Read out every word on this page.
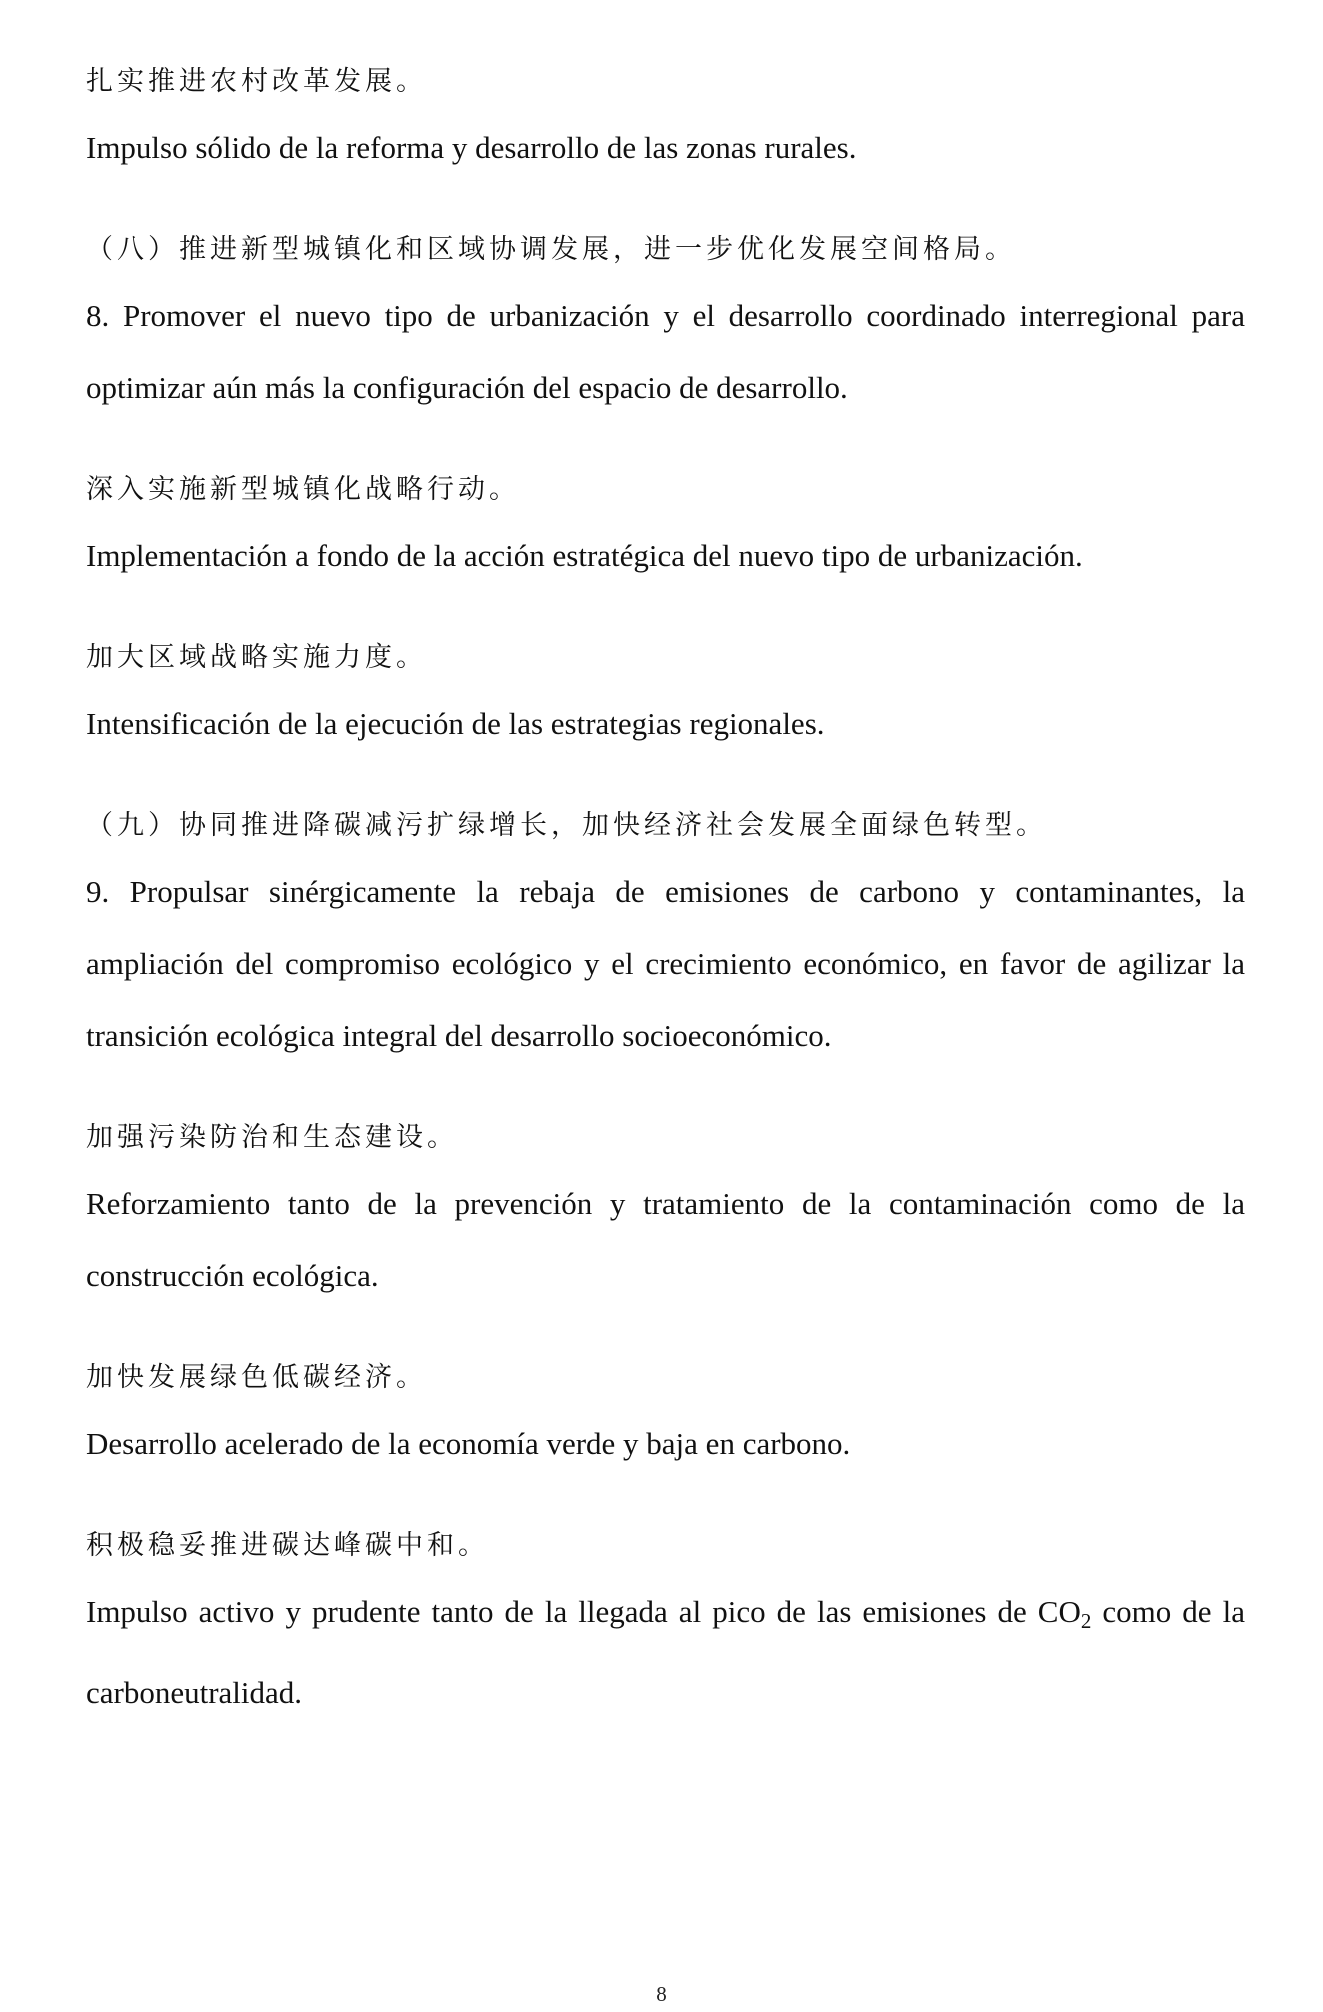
扎实推进农村改革发展。

Impulso sólido de la reforma y desarrollo de las zonas rurales.

（八）推进新型城镇化和区域协调发展，进一步优化发展空间格局。

8. Promover el nuevo tipo de urbanización y el desarrollo coordinado interregional para optimizar aún más la configuración del espacio de desarrollo.

深入实施新型城镇化战略行动。

Implementación a fondo de la acción estratégica del nuevo tipo de urbanización.

加大区域战略实施力度。

Intensificación de la ejecución de las estrategias regionales.

（九）协同推进降碳减污扩绿增长，加快经济社会发展全面绿色转型。

9. Propulsar sinérgicamente la rebaja de emisiones de carbono y contaminantes, la ampliación del compromiso ecológico y el crecimiento económico, en favor de agilizar la transición ecológica integral del desarrollo socioeconómico.

加强污染防治和生态建设。

Reforzamiento tanto de la prevención y tratamiento de la contaminación como de la construcción ecológica.

加快发展绿色低碳经济。

Desarrollo acelerado de la economía verde y baja en carbono.

积极稳妥推进碳达峰碳中和。

Impulso activo y prudente tanto de la llegada al pico de las emisiones de $CO_2$ como de la carboneutralidad.

8
